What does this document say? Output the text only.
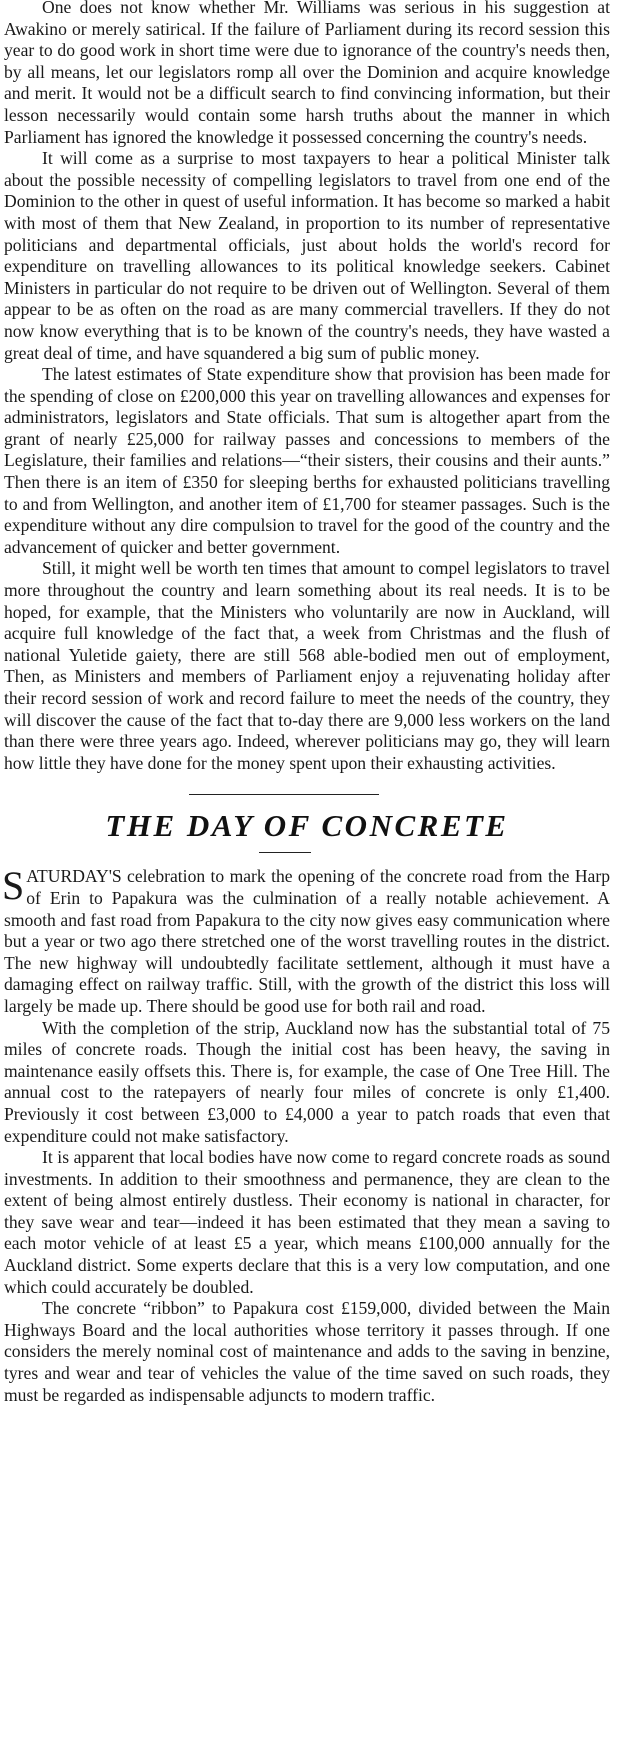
One does not know whether Mr. Williams was serious in his suggestion at Awakino or merely satirical. If the failure of Parliament during its record session this year to do good work in short time were due to ignorance of the country's needs then, by all means, let our legislators romp all over the Dominion and acquire knowledge and merit. It would not be a difficult search to find convincing information, but their lesson necessarily would contain some harsh truths about the manner in which Parliament has ignored the knowledge it possessed concerning the country's needs.

It will come as a surprise to most taxpayers to hear a political Minister talk about the possible necessity of compelling legislators to travel from one end of the Dominion to the other in quest of useful information. It has become so marked a habit with most of them that New Zealand, in proportion to its number of representative politicians and departmental officials, just about holds the world's record for expenditure on travelling allowances to its political knowledge seekers. Cabinet Ministers in particular do not require to be driven out of Wellington. Several of them appear to be as often on the road as are many commercial travellers. If they do not now know everything that is to be known of the country's needs, they have wasted a great deal of time, and have squandered a big sum of public money.

The latest estimates of State expenditure show that provision has been made for the spending of close on £200,000 this year on travelling allowances and expenses for administrators, legislators and State officials. That sum is altogether apart from the grant of nearly £25,000 for railway passes and concessions to members of the Legislature, their families and relations—“their sisters, their cousins and their aunts.” Then there is an item of £350 for sleeping berths for exhausted politicians travelling to and from Wellington, and another item of £1,700 for steamer passages. Such is the expenditure without any dire compulsion to travel for the good of the country and the advancement of quicker and better government.

Still, it might well be worth ten times that amount to compel legislators to travel more throughout the country and learn something about its real needs. It is to be hoped, for example, that the Ministers who voluntarily are now in Auckland, will acquire full knowledge of the fact that, a week from Christmas and the flush of national Yuletide gaiety, there are still 568 able-bodied men out of employment, Then, as Ministers and members of Parliament enjoy a rejuvenating holiday after their record session of work and record failure to meet the needs of the country, they will discover the cause of the fact that to-day there are 9,000 less workers on the land than there were three years ago. Indeed, wherever politicians may go, they will learn how little they have done for the money spent upon their exhausting activities.

THE DAY OF CONCRETE

SATURDAY'S celebration to mark the opening of the concrete road from the Harp of Erin to Papakura was the culmination of a really notable achievement. A smooth and fast road from Papakura to the city now gives easy communication where but a year or two ago there stretched one of the worst travelling routes in the district. The new highway will undoubtedly facilitate settlement, although it must have a damaging effect on railway traffic. Still, with the growth of the district this loss will largely be made up. There should be good use for both rail and road.

With the completion of the strip, Auckland now has the substantial total of 75 miles of concrete roads. Though the initial cost has been heavy, the saving in maintenance easily offsets this. There is, for example, the case of One Tree Hill. The annual cost to the ratepayers of nearly four miles of concrete is only £1,400. Previously it cost between £3,000 to £4,000 a year to patch roads that even that expenditure could not make satisfactory.

It is apparent that local bodies have now come to regard concrete roads as sound investments. In addition to their smoothness and permanence, they are clean to the extent of being almost entirely dustless. Their economy is national in character, for they save wear and tear—indeed it has been estimated that they mean a saving to each motor vehicle of at least £5 a year, which means £100,000 annually for the Auckland district. Some experts declare that this is a very low computation, and one which could accurately be doubled.

The concrete “ribbon” to Papakura cost £159,000, divided between the Main Highways Board and the local authorities whose territory it passes through. If one considers the merely nominal cost of maintenance and adds to the saving in benzine, tyres and wear and tear of vehicles the value of the time saved on such roads, they must be regarded as indispensable adjuncts to modern traffic.
